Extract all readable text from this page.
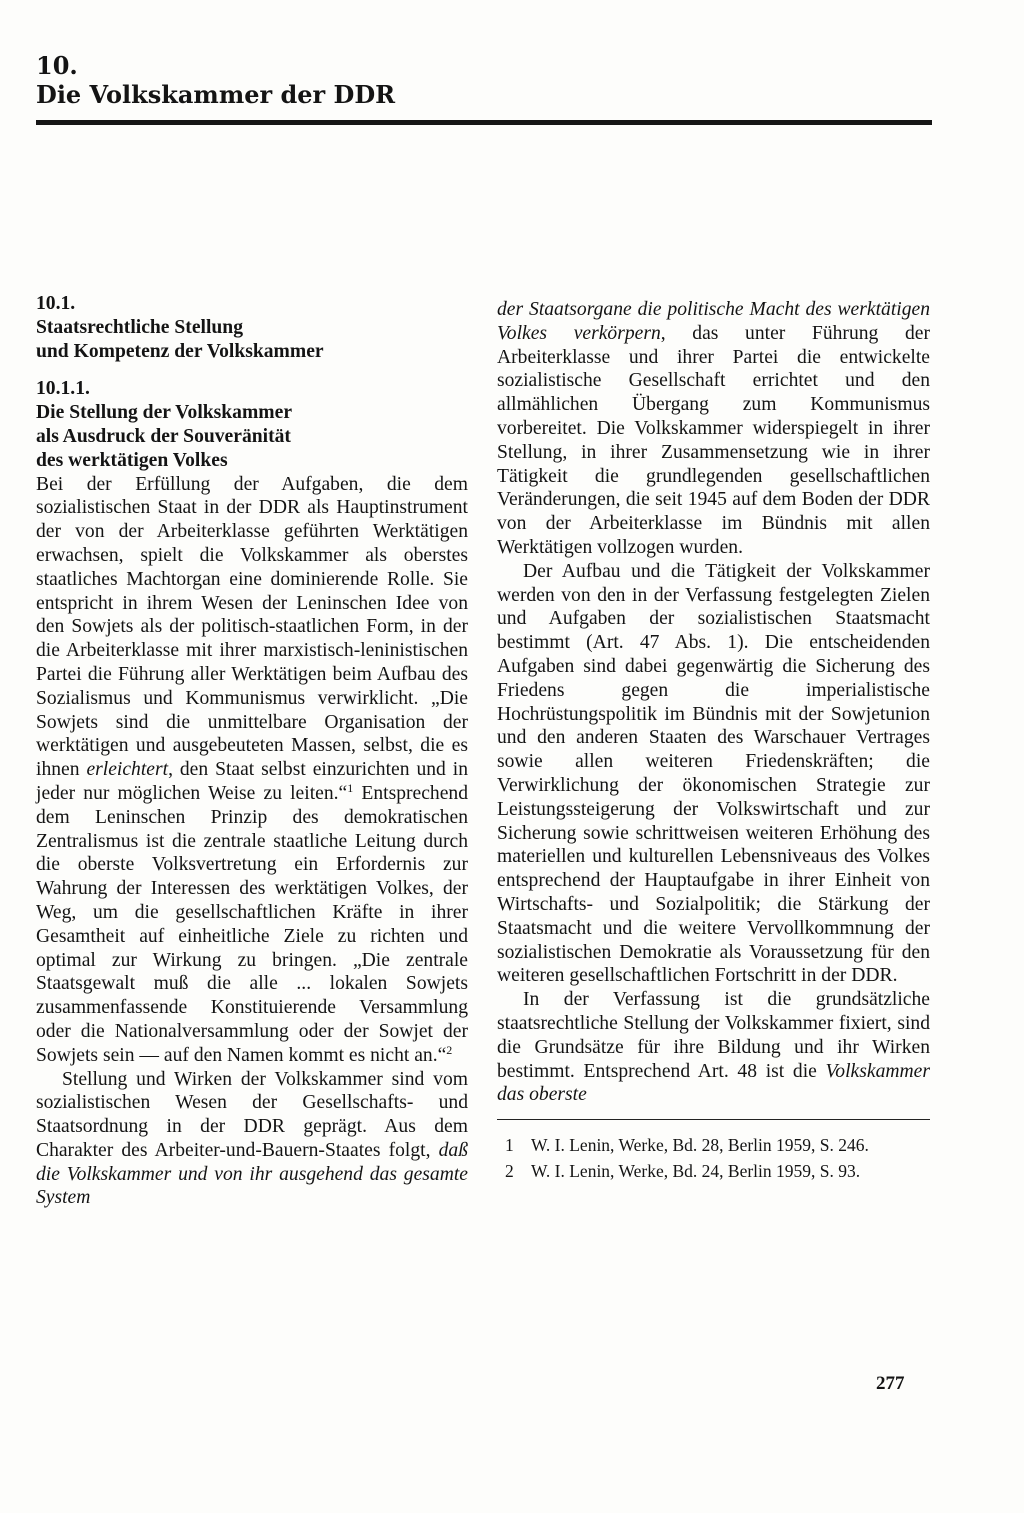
10.
Die Volkskammer der DDR
10.1.
Staatsrechtliche Stellung
und Kompetenz der Volkskammer
10.1.1.
Die Stellung der Volkskammer
als Ausdruck der Souveränität
des werktätigen Volkes

Bei der Erfüllung der Aufgaben, die dem sozialistischen Staat in der DDR als Hauptinstrument der von der Arbeiterklasse geführten Werktätigen erwachsen, spielt die Volkskammer als oberstes staatliches Machtorgan eine dominierende Rolle. Sie entspricht in ihrem Wesen der Leninschen Idee von den Sowjets als der politisch-staatlichen Form, in der die Arbeiterklasse mit ihrer marxistisch-leninistischen Partei die Führung aller Werktätigen beim Aufbau des Sozialismus und Kommunismus verwirklicht. „Die Sowjets sind die unmittelbare Organisation der werktätigen und ausgebeuteten Massen, selbst, die es ihnen erleichtert, den Staat selbst einzurichten und in jeder nur möglichen Weise zu leiten.“$^1$ Entsprechend dem Leninschen Prinzip des demokratischen Zentralismus ist die zentrale staatliche Leitung durch die oberste Volksvertretung ein Erfordernis zur Wahrung der Interessen des werktätigen Volkes, der Weg, um die gesellschaftlichen Kräfte in ihrer Gesamtheit auf einheitliche Ziele zu richten und optimal zur Wirkung zu bringen. „Die zentrale Staatsgewalt muß die alle ... lokalen Sowjets zusammenfassende Konstituierende Versammlung oder die Nationalversammlung oder der Sowjet der Sowjets sein — auf den Namen kommt es nicht an.“$^2$

Stellung und Wirken der Volkskammer sind vom sozialistischen Wesen der Gesellschafts- und Staatsordnung in der DDR geprägt. Aus dem Charakter des Arbeiter-und-Bauern-Staates folgt, daß die Volkskammer und von ihr ausgehend das gesamte System

der Staatsorgane die politische Macht des werktätigen Volkes verkörpern, das unter Führung der Arbeiterklasse und ihrer Partei die entwickelte sozialistische Gesellschaft errichtet und den allmählichen Übergang zum Kommunismus vorbereitet. Die Volkskammer widerspiegelt in ihrer Stellung, in ihrer Zusammensetzung wie in ihrer Tätigkeit die grundlegenden gesellschaftlichen Veränderungen, die seit 1945 auf dem Boden der DDR von der Arbeiterklasse im Bündnis mit allen Werktätigen vollzogen wurden.

Der Aufbau und die Tätigkeit der Volkskammer werden von den in der Verfassung festgelegten Zielen und Aufgaben der sozialistischen Staatsmacht bestimmt (Art. 47 Abs. 1). Die entscheidenden Aufgaben sind dabei gegenwärtig die Sicherung des Friedens gegen die imperialistische Hochrüstungspolitik im Bündnis mit der Sowjetunion und den anderen Staaten des Warschauer Vertrages sowie allen weiteren Friedenskräften; die Verwirklichung der ökonomischen Strategie zur Leistungssteigerung der Volkswirtschaft und zur Sicherung sowie schrittweisen weiteren Erhöhung des materiellen und kulturellen Lebensniveaus des Volkes entsprechend der Hauptaufgabe in ihrer Einheit von Wirtschafts- und Sozialpolitik; die Stärkung der Staatsmacht und die weitere Vervollkommnung der sozialistischen Demokratie als Voraussetzung für den weiteren gesellschaftlichen Fortschritt in der DDR.

In der Verfassung ist die grundsätzliche staatsrechtliche Stellung der Volkskammer fixiert, sind die Grundsätze für ihre Bildung und ihr Wirken bestimmt. Entsprechend Art. 48 ist die Volkskammer das oberste

1 W. I. Lenin, Werke, Bd. 28, Berlin 1959, S. 246.
2 W. I. Lenin, Werke, Bd. 24, Berlin 1959, S. 93.
277
